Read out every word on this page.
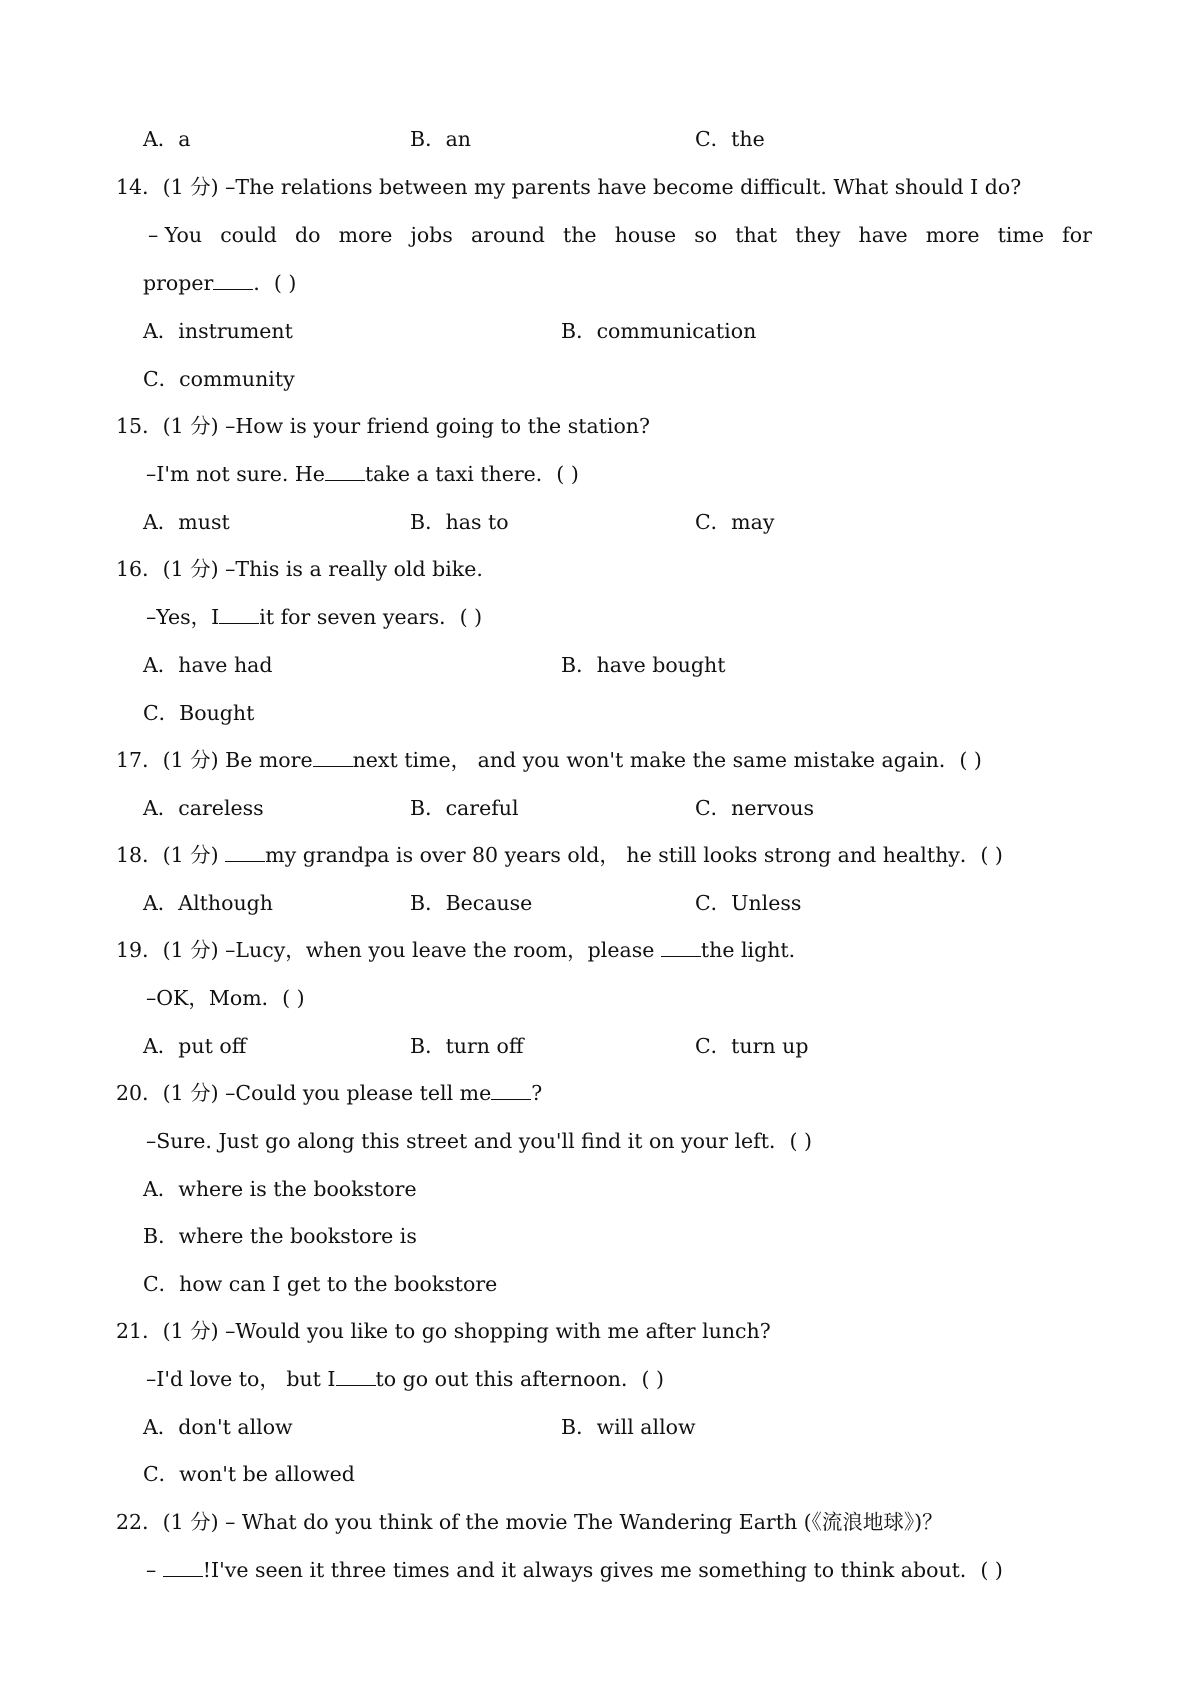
A．a	B．an	C．the
14．(1 分) –The relations between my parents have become difficult. What should I do?
– You could do more jobs around the house so that they have more time for
proper ．( )
A．instrument	B．communication
C．community
15．(1 分) –How is your friend going to the station?
–I'm not sure. He take a taxi there．( )
A．must	B．has to	C．may
16．(1 分) –This is a really old bike.
–Yes，I it for seven years．( )
A．have had	B．have bought
C．Bought
17．(1 分) Be more next time， and you won't make the same mistake again．( )
A．careless	B．careful	C．nervous
18．(1 分) my grandpa is over 80 years old， he still looks strong and healthy．( )
A．Although	B．Because	C．Unless
19．(1 分) –Lucy，when you leave the room，please the light.
–OK，Mom．( )
A．put off	B．turn off	C．turn up
20．(1 分) –Could you please tell me ?
–Sure. Just go along this street and you'll find it on your left．( )
A．where is the bookstore
B．where the bookstore is
C．how can I get to the bookstore
21．(1 分) –Would you like to go shopping with me after lunch?
–I'd love to， but I to go out this afternoon．( )
A．don't allow	B．will allow
C．won't be allowed
22．(1 分) – What do you think of the movie The Wandering Earth (《流浪地球》)？
– !I've seen it three times and it always gives me something to think about．( )
